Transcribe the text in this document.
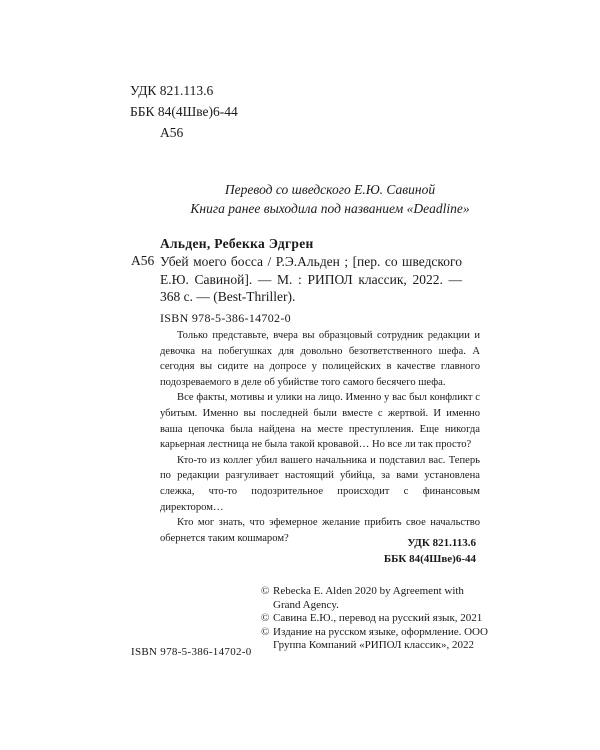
УДК 821.113.6
ББК 84(4Шве)6-44
А56
Перевод со шведского Е.Ю. Савиной
Книга ранее выходила под названием «Deadline»
Альден, Ребекка Эдгрен
А56 Убей моего босса / Р.Э.Альден ; [пер. со шведского Е.Ю. Савиной]. — М. : РИПОЛ классик, 2022. — 368 с. — (Best-Thriller).
ISBN 978-5-386-14702-0

Только представьте, вчера вы образцовый сотрудник редакции и девочка на побегушках для довольно безответственного шефа. А сегодня вы сидите на допросе у полицейских в качестве главного подозреваемого в деле об убийстве того самого бесячего шефа.

Все факты, мотивы и улики на лицо. Именно у вас был конфликт с убитым. Именно вы последней были вместе с жертвой. И именно ваша цепочка была найдена на месте преступления. Еще никогда карьерная лестница не была такой кровавой… Но все ли так просто?

Кто-то из коллег убил вашего начальника и подставил вас. Теперь по редакции разгуливает настоящий убийца, за вами установлена слежка, что-то подозрительное происходит с финансовым директором…

Кто мог знать, что эфемерное желание прибить свое начальство обернется таким кошмаром?	УДК 821.113.6
ББК 84(4Шве)6-44
© Rebecka E. Alden 2020 by Agreement with Grand Agency.
© Савина Е.Ю., перевод на русский язык, 2021
© Издание на русском языке, оформление. ООО Группа Компаний «РИПОЛ классик», 2022
ISBN 978-5-386-14702-0
